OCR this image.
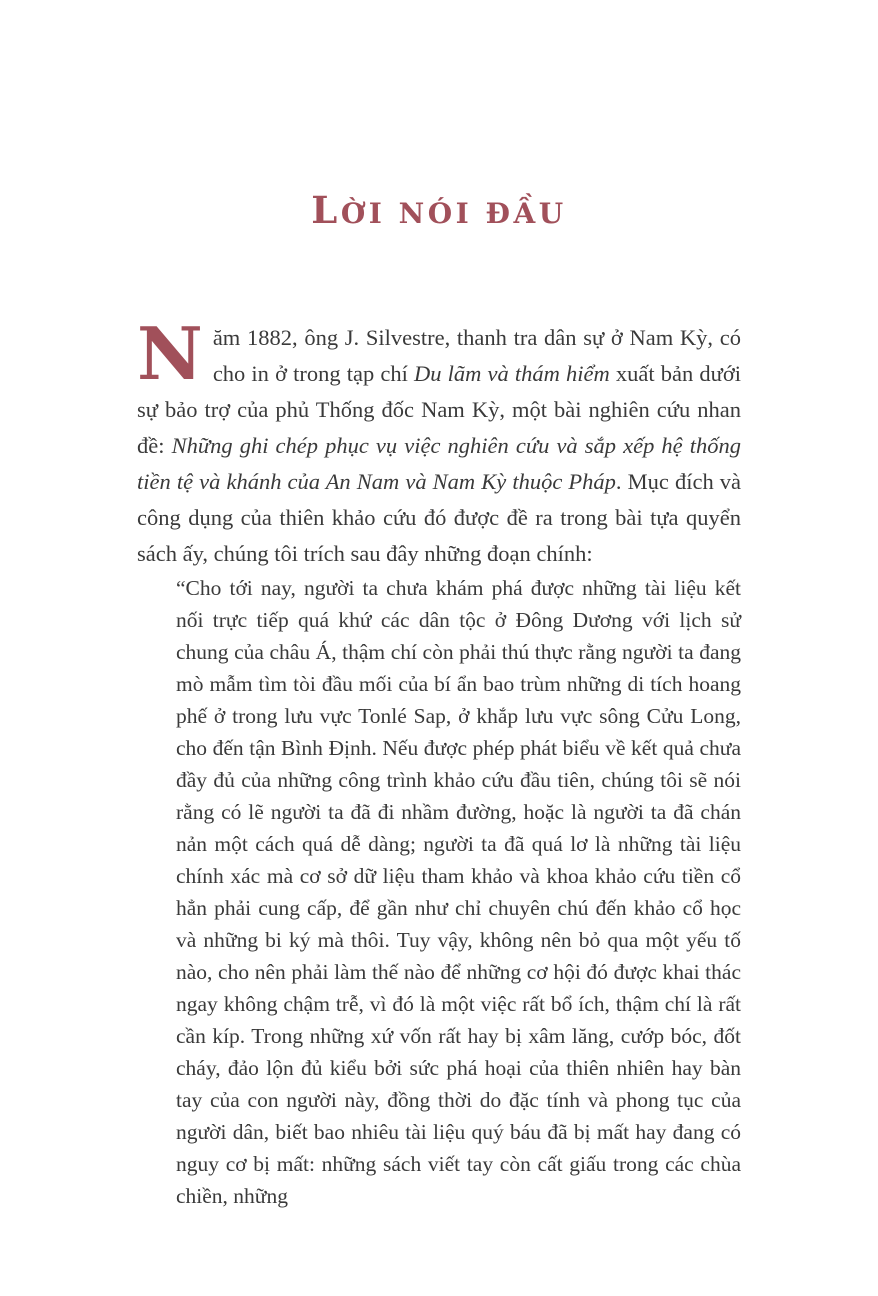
LỜI NÓI ĐẦU

Năm 1882, ông J. Silvestre, thanh tra dân sự ở Nam Kỳ, có cho in ở trong tạp chí Du lãm và thám hiểm xuất bản dưới sự bảo trợ của phủ Thống đốc Nam Kỳ, một bài nghiên cứu nhan đề: Những ghi chép phục vụ việc nghiên cứu và sắp xếp hệ thống tiền tệ và khánh của An Nam và Nam Kỳ thuộc Pháp. Mục đích và công dụng của thiên khảo cứu đó được đề ra trong bài tựa quyển sách ấy, chúng tôi trích sau đây những đoạn chính:

“Cho tới nay, người ta chưa khám phá được những tài liệu kết nối trực tiếp quá khứ các dân tộc ở Đông Dương với lịch sử chung của châu Á, thậm chí còn phải thú thực rằng người ta đang mò mẫm tìm tòi đầu mối của bí ẩn bao trùm những di tích hoang phế ở trong lưu vực Tonlé Sap, ở khắp lưu vực sông Cửu Long, cho đến tận Bình Định. Nếu được phép phát biểu về kết quả chưa đầy đủ của những công trình khảo cứu đầu tiên, chúng tôi sẽ nói rằng có lẽ người ta đã đi nhầm đường, hoặc là người ta đã chán nản một cách quá dễ dàng; người ta đã quá lơ là những tài liệu chính xác mà cơ sở dữ liệu tham khảo và khoa khảo cứu tiền cổ hẳn phải cung cấp, để gần như chỉ chuyên chú đến khảo cổ học và những bi ký mà thôi. Tuy vậy, không nên bỏ qua một yếu tố nào, cho nên phải làm thế nào để những cơ hội đó được khai thác ngay không chậm trễ, vì đó là một việc rất bổ ích, thậm chí là rất cần kíp. Trong những xứ vốn rất hay bị xâm lăng, cướp bóc, đốt cháy, đảo lộn đủ kiểu bởi sức phá hoại của thiên nhiên hay bàn tay của con người này, đồng thời do đặc tính và phong tục của người dân, biết bao nhiêu tài liệu quý báu đã bị mất hay đang có nguy cơ bị mất: những sách viết tay còn cất giấu trong các chùa chiền, những
